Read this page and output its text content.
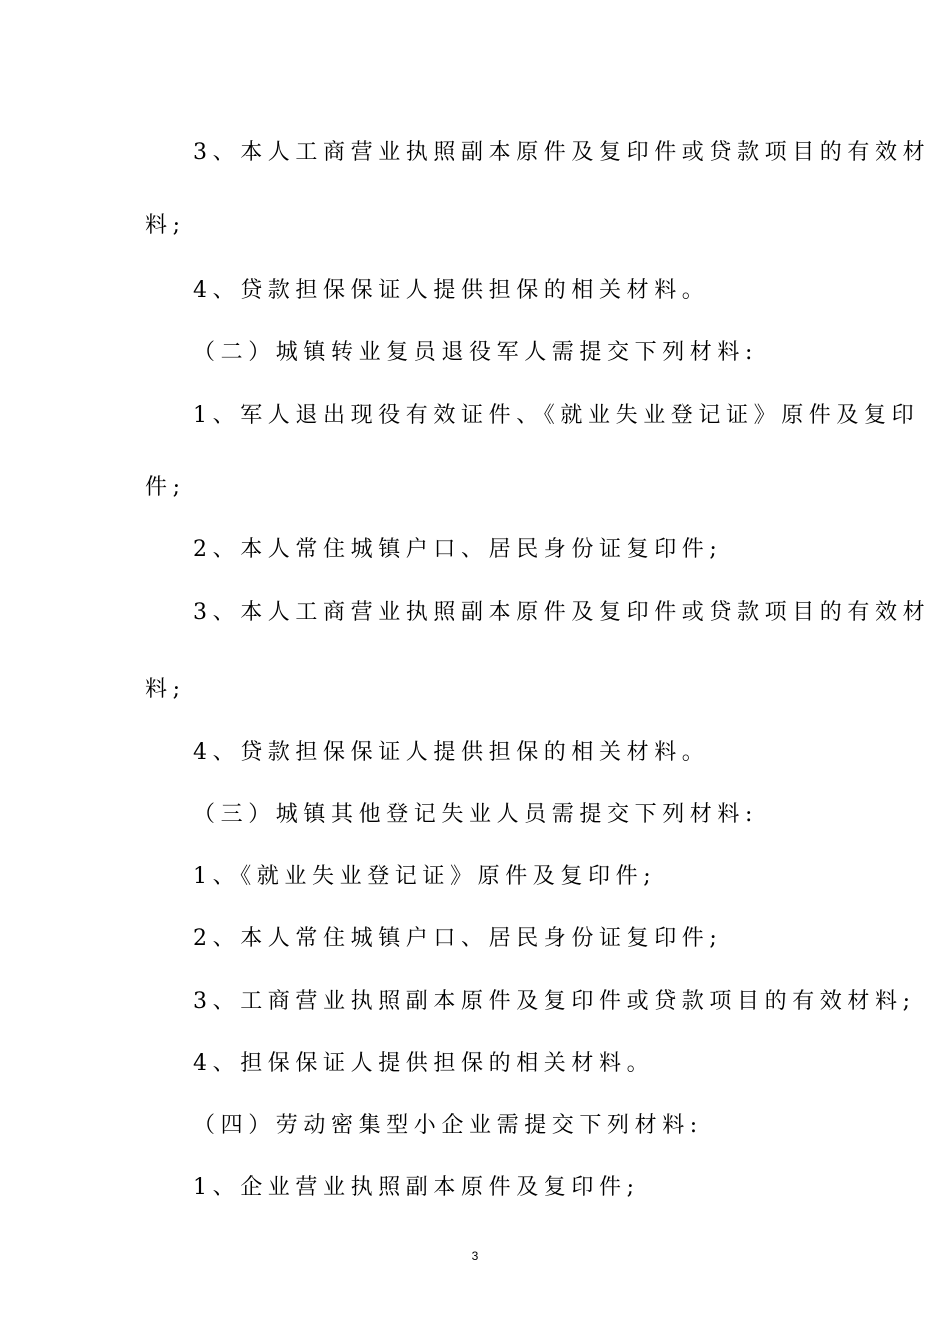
3、本人工商营业执照副本原件及复印件或贷款项目的有效材
料;
4、贷款担保保证人提供担保的相关材料。
（二）城镇转业复员退役军人需提交下列材料:
1、军人退出现役有效证件、《就业失业登记证》原件及复印
件;
2、本人常住城镇户口、居民身份证复印件;
3、本人工商营业执照副本原件及复印件或贷款项目的有效材
料;
4、贷款担保保证人提供担保的相关材料。
（三）城镇其他登记失业人员需提交下列材料:
1、《就业失业登记证》原件及复印件;
2、本人常住城镇户口、居民身份证复印件;
3、工商营业执照副本原件及复印件或贷款项目的有效材料;
4、担保保证人提供担保的相关材料。
（四）劳动密集型小企业需提交下列材料:
1、企业营业执照副本原件及复印件;
3
